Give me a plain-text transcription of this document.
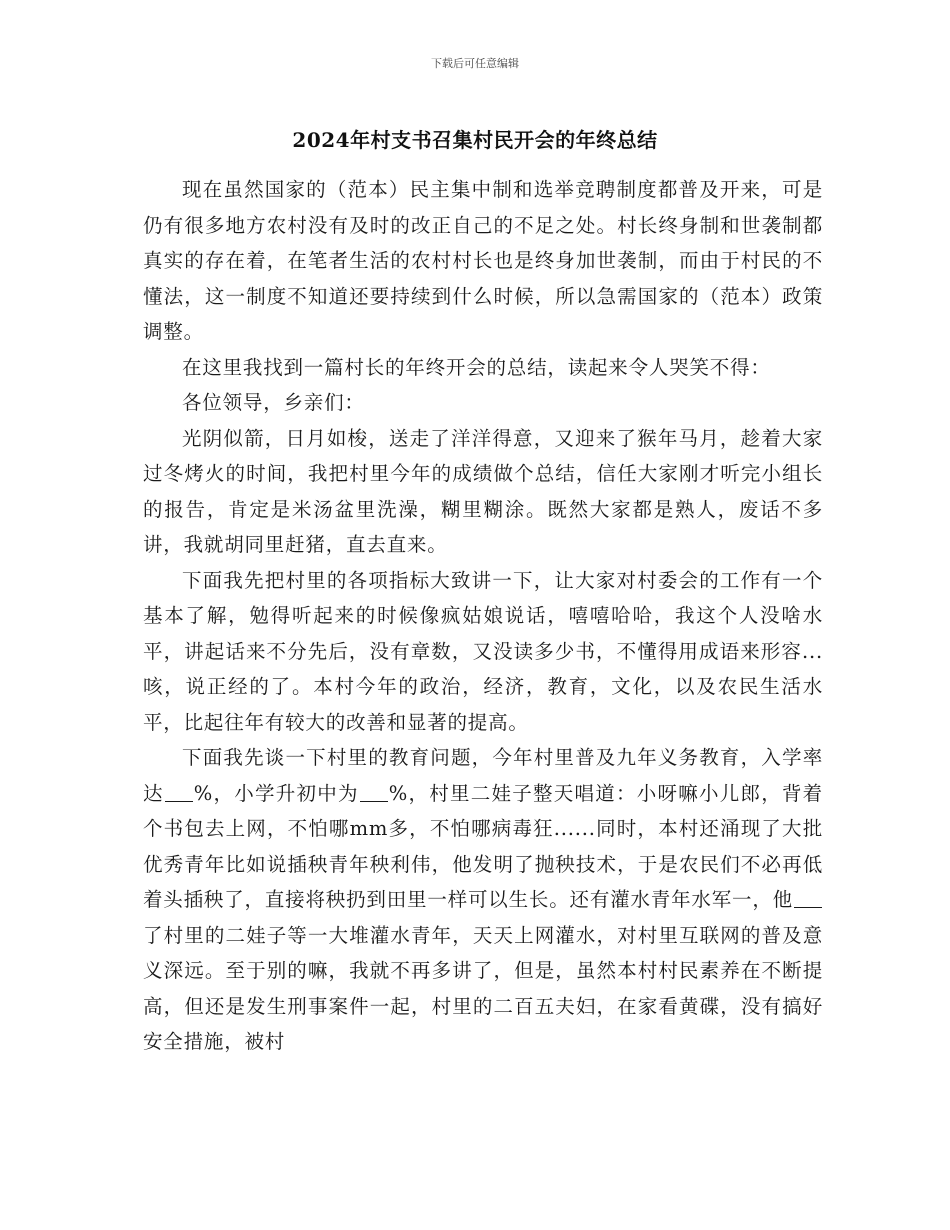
下载后可任意编辑
2024年村支书召集村民开会的年终总结

现在虽然国家的（范本）民主集中制和选举竞聘制度都普及开来，可是仍有很多地方农村没有及时的改正自己的不足之处。村长终身制和世袭制都真实的存在着，在笔者生活的农村村长也是终身加世袭制，而由于村民的不懂法，这一制度不知道还要持续到什么时候，所以急需国家的（范本）政策调整。

在这里我找到一篇村长的年终开会的总结，读起来令人哭笑不得：

各位领导，乡亲们：

光阴似箭，日月如梭，送走了洋洋得意，又迎来了猴年马月，趁着大家过冬烤火的时间，我把村里今年的成绩做个总结，信任大家刚才听完小组长的报告，肯定是米汤盆里洗澡，糊里糊涂。既然大家都是熟人，废话不多讲，我就胡同里赶猪，直去直来。

下面我先把村里的各项指标大致讲一下，让大家对村委会的工作有一个基本了解，勉得听起来的时候像疯姑娘说话，嘻嘻哈哈，我这个人没啥水平，讲起话来不分先后，没有章数，又没读多少书，不懂得用成语来形容...咳，说正经的了。本村今年的政治，经济，教育，文化，以及农民生活水平，比起往年有较大的改善和显著的提高。

下面我先谈一下村里的教育问题，今年村里普及九年义务教育，入学率达 %，小学升初中为 %，村里二娃子整天唱道：小呀嘛小儿郎，背着个书包去上网，不怕哪mm多，不怕哪病毒狂......同时，本村还涌现了大批优秀青年比如说插秧青年秧利伟，他发明了抛秧技术，于是农民们不必再低着头插秧了，直接将秧扔到田里一样可以生长。还有灌水青年水军一，他了村里的二娃子等一大堆灌水青年，天天上网灌水，对村里互联网的普及意义深远。至于别的嘛，我就不再多讲了，但是，虽然本村村民素养在不断提高，但还是发生刑事案件一起，村里的二百五夫妇，在家看黄碟，没有搞好安全措施，被村
